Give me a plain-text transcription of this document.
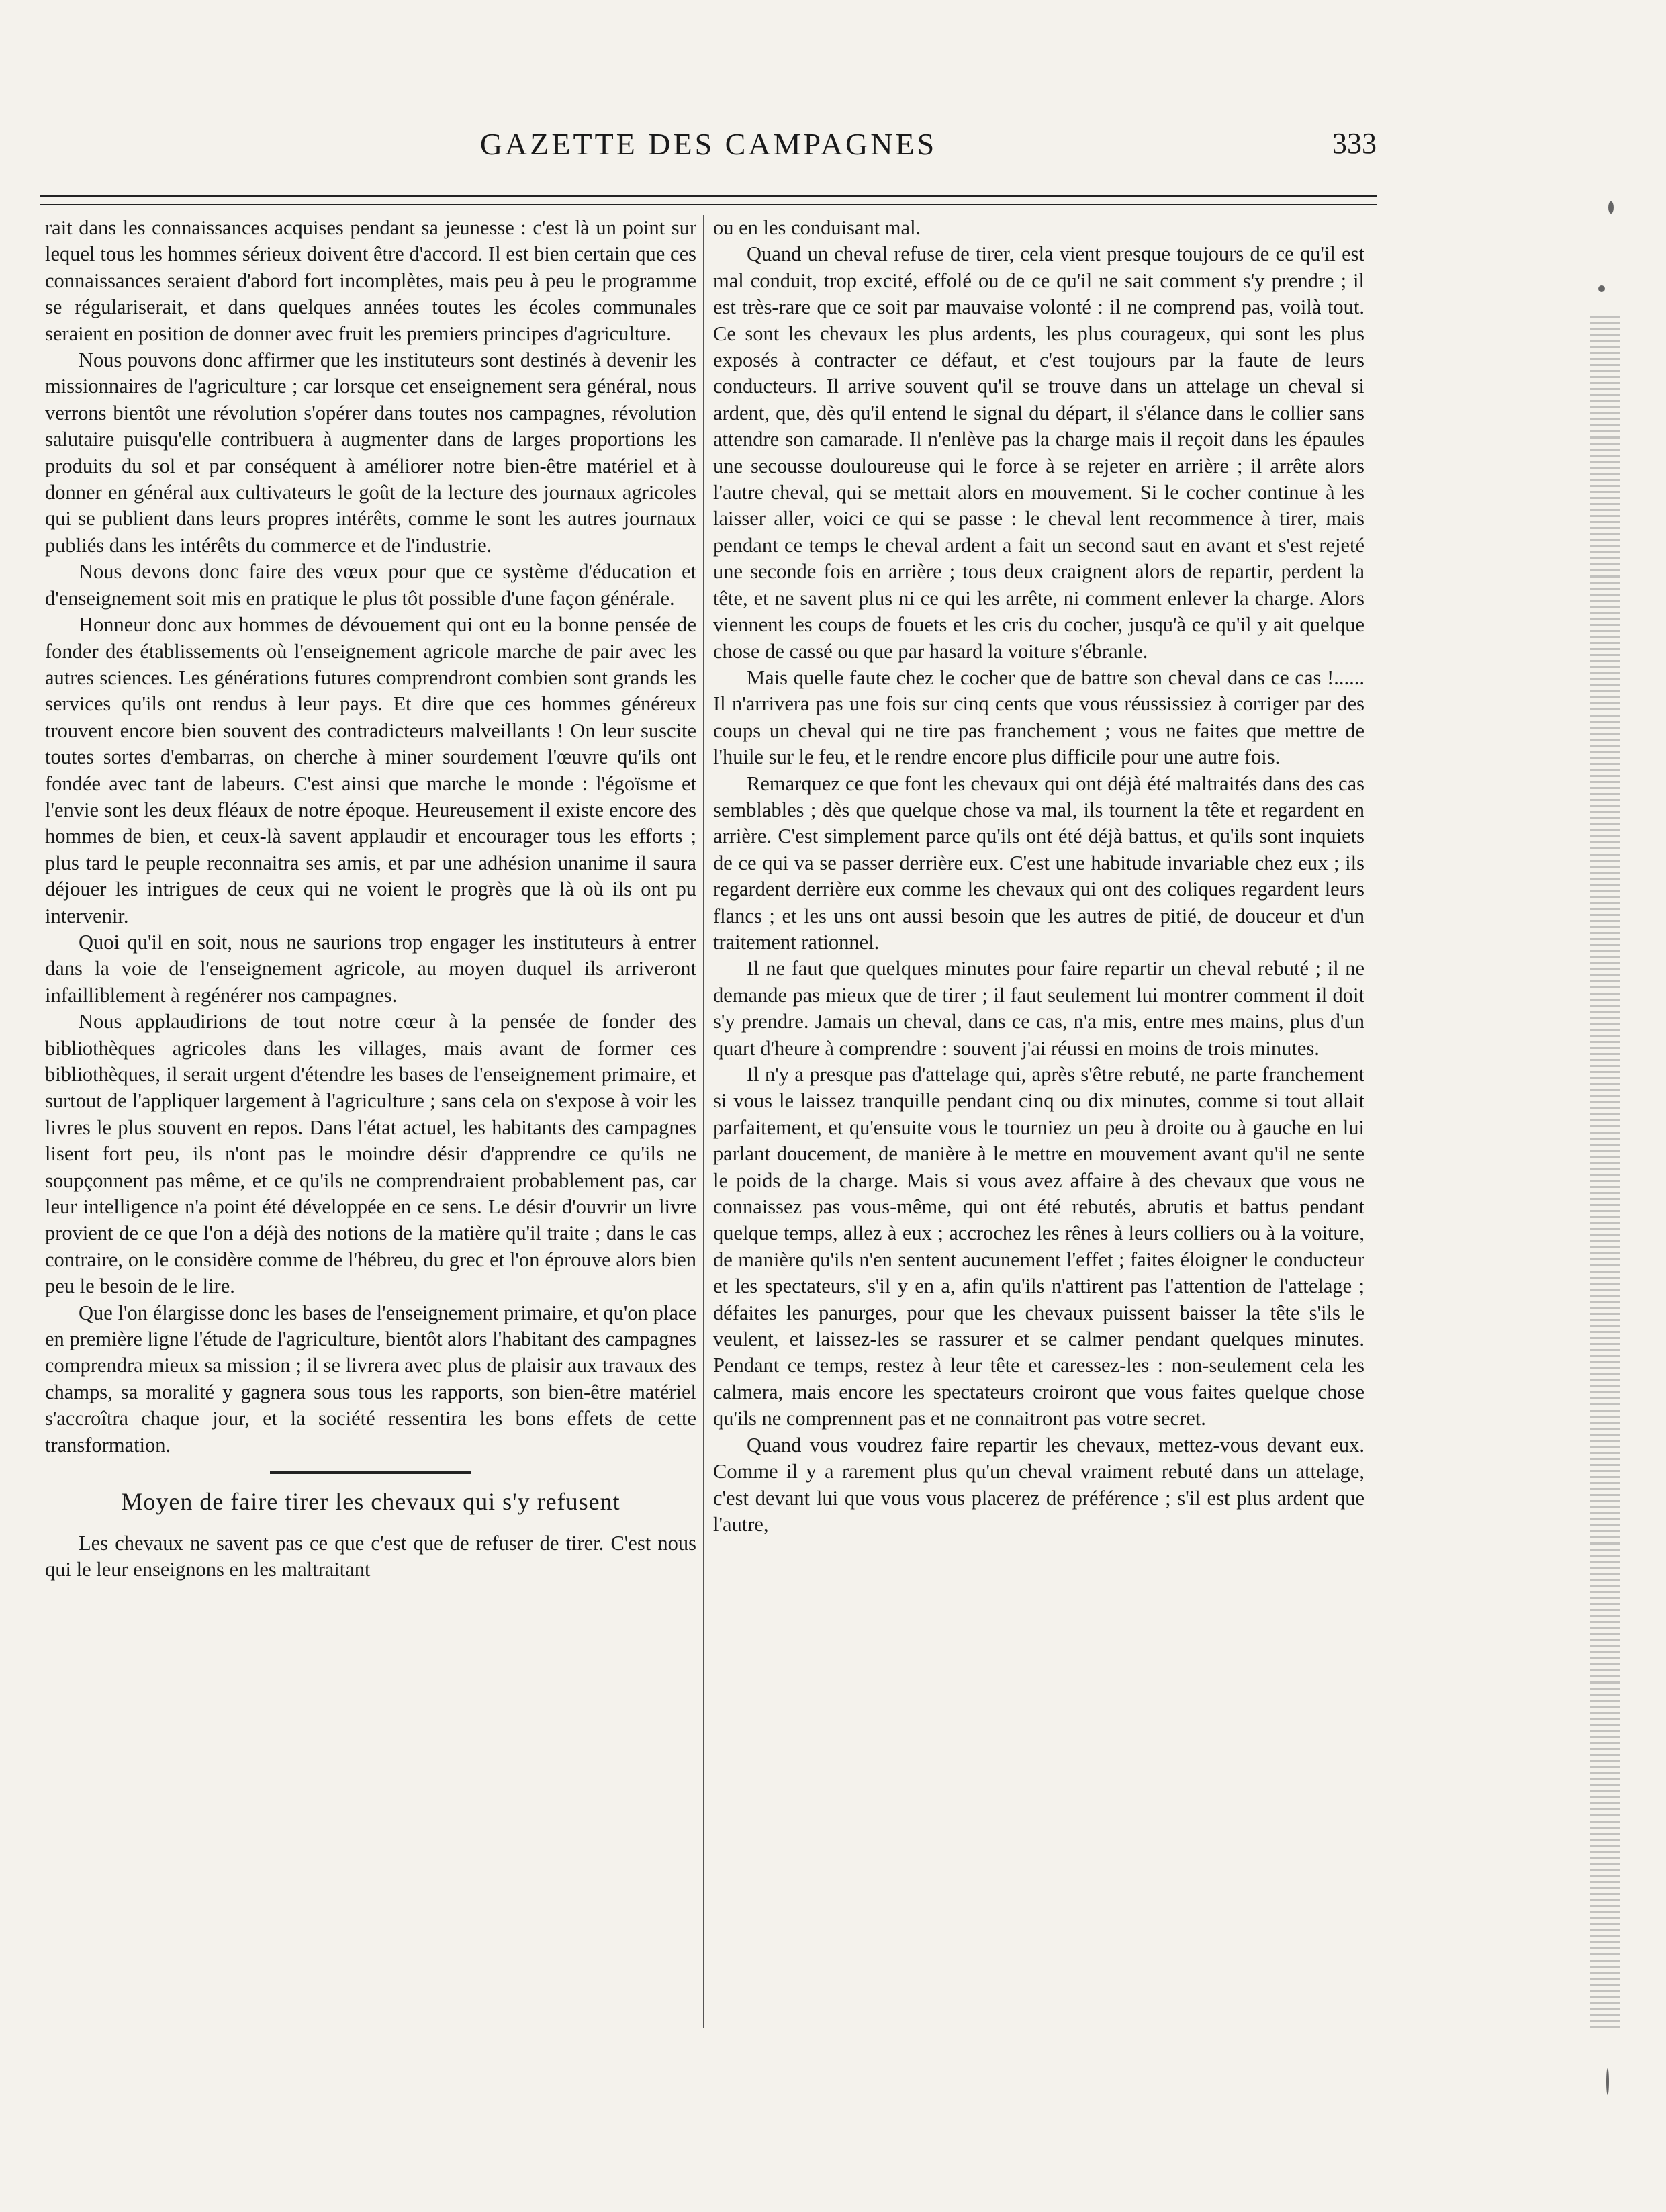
GAZETTE DES CAMPAGNES	333

rait dans les connaissances acquises pendant sa jeunesse : c'est là un point sur lequel tous les hommes sérieux doivent être d'accord. Il est bien certain que ces connaissances seraient d'abord fort incomplètes, mais peu à peu le programme se régulariserait, et dans quelques années toutes les écoles communales seraient en position de donner avec fruit les premiers principes d'agriculture.

Nous pouvons donc affirmer que les instituteurs sont destinés à devenir les missionnaires de l'agriculture ; car lorsque cet enseignement sera général, nous verrons bientôt une révolution s'opérer dans toutes nos campagnes, révolution salutaire puisqu'elle contribuera à augmenter dans de larges proportions les produits du sol et par conséquent à améliorer notre bien-être matériel et à donner en général aux cultivateurs le goût de la lecture des journaux agricoles qui se publient dans leurs propres intérêts, comme le sont les autres journaux publiés dans les intérêts du commerce et de l'industrie.

Nous devons donc faire des vœux pour que ce système d'éducation et d'enseignement soit mis en pratique le plus tôt possible d'une façon générale.

Honneur donc aux hommes de dévouement qui ont eu la bonne pensée de fonder des établissements où l'enseignement agricole marche de pair avec les autres sciences. Les générations futures comprendront combien sont grands les services qu'ils ont rendus à leur pays. Et dire que ces hommes généreux trouvent encore bien souvent des contradicteurs malveillants ! On leur suscite toutes sortes d'embarras, on cherche à miner sourdement l'œuvre qu'ils ont fondée avec tant de labeurs. C'est ainsi que marche le monde : l'égoïsme et l'envie sont les deux fléaux de notre époque. Heureusement il existe encore des hommes de bien, et ceux-là savent applaudir et encourager tous les efforts ; plus tard le peuple reconnaitra ses amis, et par une adhésion unanime il saura déjouer les intrigues de ceux qui ne voient le progrès que là où ils ont pu intervenir.

Quoi qu'il en soit, nous ne saurions trop engager les instituteurs à entrer dans la voie de l'enseignement agricole, au moyen duquel ils arriveront infailliblement à regénérer nos campagnes.

Nous applaudirions de tout notre cœur à la pensée de fonder des bibliothèques agricoles dans les villages, mais avant de former ces bibliothèques, il serait urgent d'étendre les bases de l'enseignement primaire, et surtout de l'appliquer largement à l'agriculture ; sans cela on s'expose à voir les livres le plus souvent en repos. Dans l'état actuel, les habitants des campagnes lisent fort peu, ils n'ont pas le moindre désir d'apprendre ce qu'ils ne soupçonnent pas même, et ce qu'ils ne comprendraient probablement pas, car leur intelligence n'a point été développée en ce sens. Le désir d'ouvrir un livre provient de ce que l'on a déjà des notions de la matière qu'il traite ; dans le cas contraire, on le considère comme de l'hébreu, du grec et l'on éprouve alors bien peu le besoin de le lire.

Que l'on élargisse donc les bases de l'enseignement primaire, et qu'on place en première ligne l'étude de l'agriculture, bientôt alors l'habitant des campagnes comprendra mieux sa mission ; il se livrera avec plus de plaisir aux travaux des champs, sa moralité y gagnera sous tous les rapports, son bien-être matériel s'accroîtra chaque jour, et la société ressentira les bons effets de cette transformation.

Moyen de faire tirer les chevaux qui s'y refusent

Les chevaux ne savent pas ce que c'est que de refuser de tirer. C'est nous qui le leur enseignons en les maltraitant

ou en les conduisant mal.

Quand un cheval refuse de tirer, cela vient presque toujours de ce qu'il est mal conduit, trop excité, effolé ou de ce qu'il ne sait comment s'y prendre ; il est très-rare que ce soit par mauvaise volonté : il ne comprend pas, voilà tout. Ce sont les chevaux les plus ardents, les plus courageux, qui sont les plus exposés à contracter ce défaut, et c'est toujours par la faute de leurs conducteurs. Il arrive souvent qu'il se trouve dans un attelage un cheval si ardent, que, dès qu'il entend le signal du départ, il s'élance dans le collier sans attendre son camarade. Il n'enlève pas la charge mais il reçoit dans les épaules une secousse douloureuse qui le force à se rejeter en arrière ; il arrête alors l'autre cheval, qui se mettait alors en mouvement. Si le cocher continue à les laisser aller, voici ce qui se passe : le cheval lent recommence à tirer, mais pendant ce temps le cheval ardent a fait un second saut en avant et s'est rejeté une seconde fois en arrière ; tous deux craignent alors de repartir, perdent la tête, et ne savent plus ni ce qui les arrête, ni comment enlever la charge. Alors viennent les coups de fouets et les cris du cocher, jusqu'à ce qu'il y ait quelque chose de cassé ou que par hasard la voiture s'ébranle.

Mais quelle faute chez le cocher que de battre son cheval dans ce cas !...... Il n'arrivera pas une fois sur cinq cents que vous réussissiez à corriger par des coups un cheval qui ne tire pas franchement ; vous ne faites que mettre de l'huile sur le feu, et le rendre encore plus difficile pour une autre fois.

Remarquez ce que font les chevaux qui ont déjà été maltraités dans des cas semblables ; dès que quelque chose va mal, ils tournent la tête et regardent en arrière. C'est simplement parce qu'ils ont été déjà battus, et qu'ils sont inquiets de ce qui va se passer derrière eux. C'est une habitude invariable chez eux ; ils regardent derrière eux comme les chevaux qui ont des coliques regardent leurs flancs ; et les uns ont aussi besoin que les autres de pitié, de douceur et d'un traitement rationnel.

Il ne faut que quelques minutes pour faire repartir un cheval rebuté ; il ne demande pas mieux que de tirer ; il faut seulement lui montrer comment il doit s'y prendre. Jamais un cheval, dans ce cas, n'a mis, entre mes mains, plus d'un quart d'heure à comprendre : souvent j'ai réussi en moins de trois minutes.

Il n'y a presque pas d'attelage qui, après s'être rebuté, ne parte franchement si vous le laissez tranquille pendant cinq ou dix minutes, comme si tout allait parfaitement, et qu'ensuite vous le tourniez un peu à droite ou à gauche en lui parlant doucement, de manière à le mettre en mouvement avant qu'il ne sente le poids de la charge. Mais si vous avez affaire à des chevaux que vous ne connaissez pas vous-même, qui ont été rebutés, abrutis et battus pendant quelque temps, allez à eux ; accrochez les rênes à leurs colliers ou à la voiture, de manière qu'ils n'en sentent aucunement l'effet ; faites éloigner le conducteur et les spectateurs, s'il y en a, afin qu'ils n'attirent pas l'attention de l'attelage ; défaites les panurges, pour que les chevaux puissent baisser la tête s'ils le veulent, et laissez-les se rassurer et se calmer pendant quelques minutes. Pendant ce temps, restez à leur tête et caressez-les : non-seulement cela les calmera, mais encore les spectateurs croiront que vous faites quelque chose qu'ils ne comprennent pas et ne connaitront pas votre secret.

Quand vous voudrez faire repartir les chevaux, mettez-vous devant eux. Comme il y a rarement plus qu'un cheval vraiment rebuté dans un attelage, c'est devant lui que vous vous placerez de préférence ; s'il est plus ardent que l'autre,
